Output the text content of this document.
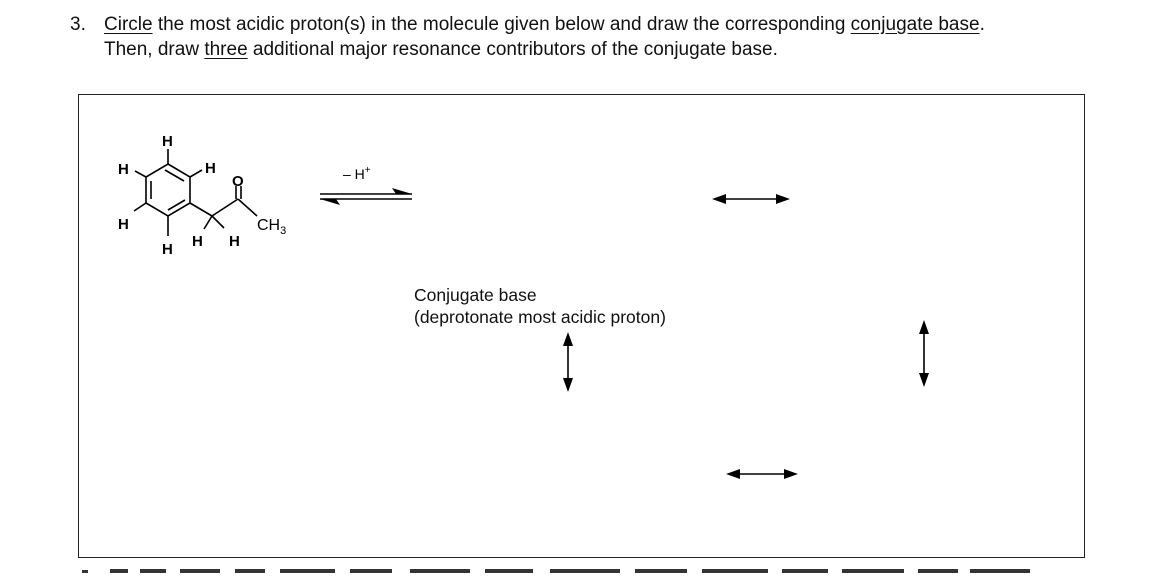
3. Circle the most acidic proton(s) in the molecule given below and draw the corresponding conjugate base.
Then, draw three additional major resonance contributors of the conjugate base.
H
H
H
H H H
H
O
$CH_3$
– H+
Conjugate base
(deprotonate most acidic proton)
